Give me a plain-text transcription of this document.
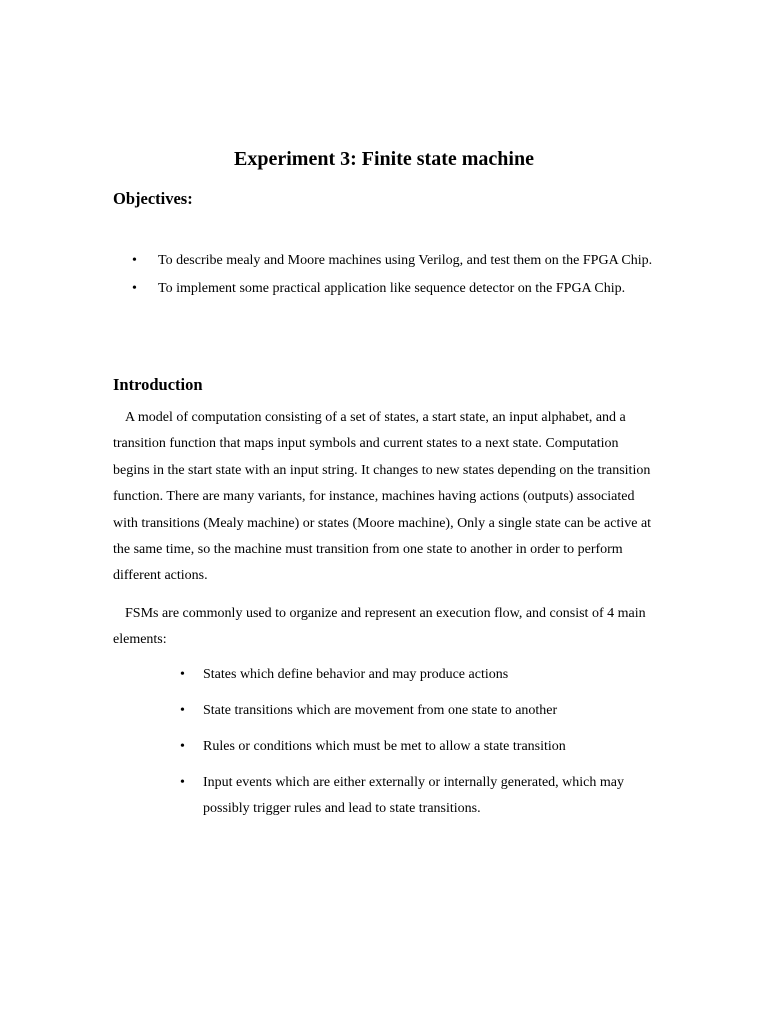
Experiment 3: Finite state machine
Objectives:
• To describe mealy and Moore machines using Verilog, and test them on the FPGA Chip.
• To implement some practical application like sequence detector on the FPGA Chip.
Introduction

A model of computation consisting of a set of states, a start state, an input alphabet, and a transition function that maps input symbols and current states to a next state. Computation begins in the start state with an input string. It changes to new states depending on the transition function. There are many variants, for instance, machines having actions (outputs) associated with transitions (Mealy machine) or states (Moore machine), Only a single state can be active at the same time, so the machine must transition from one state to another in order to perform different actions.

FSMs are commonly used to organize and represent an execution flow, and consist of 4 main elements:

• States which define behavior and may produce actions
• State transitions which are movement from one state to another
• Rules or conditions which must be met to allow a state transition
• Input events which are either externally or internally generated, which may possibly trigger rules and lead to state transitions.
